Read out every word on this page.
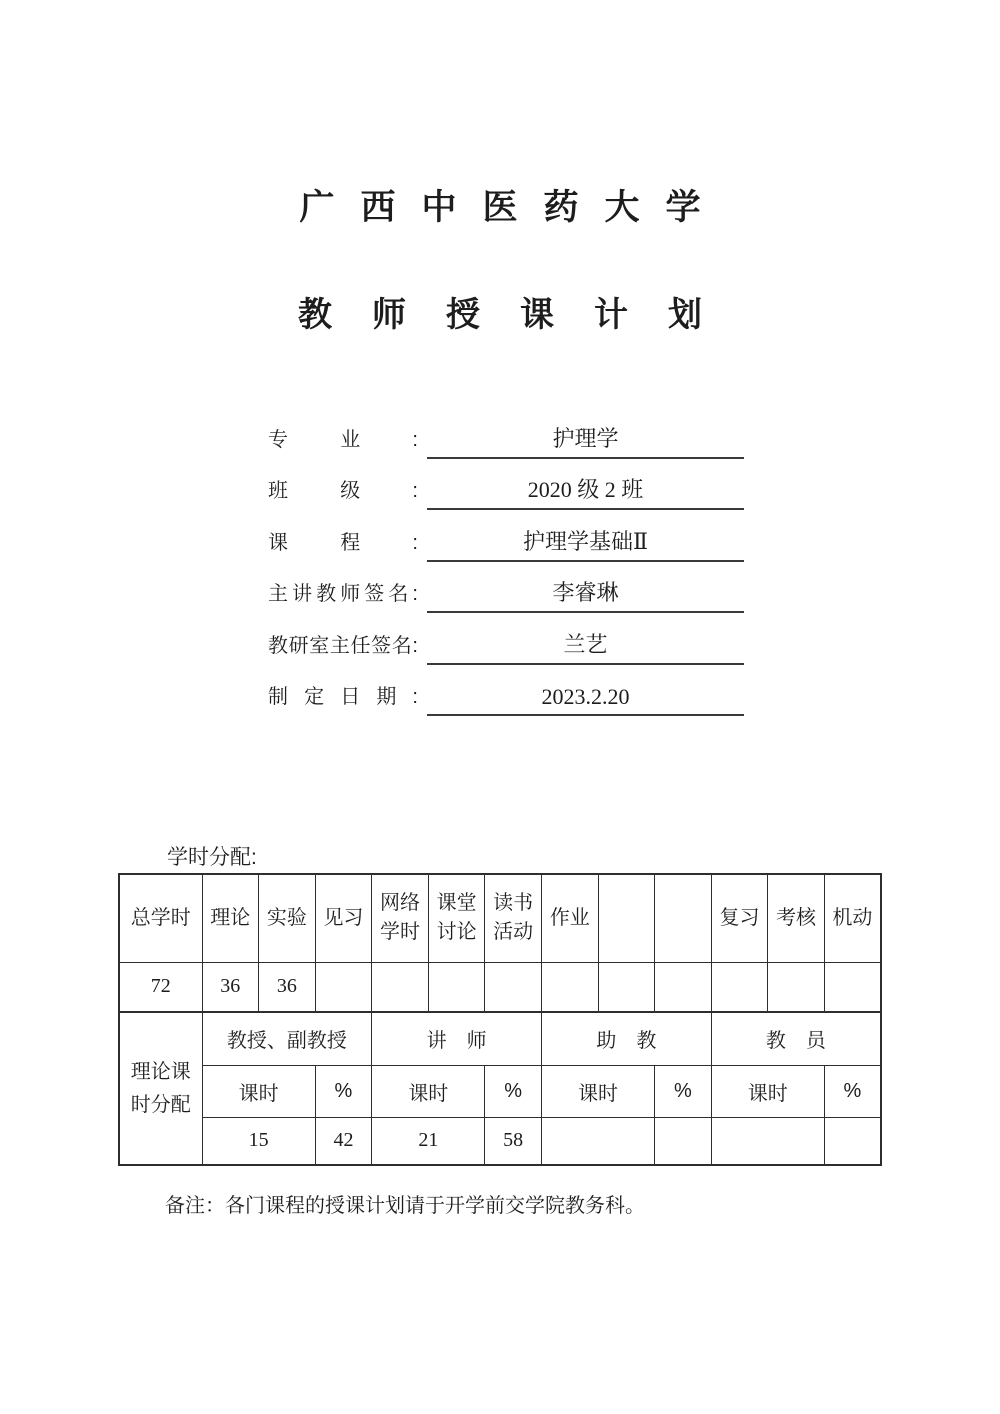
广西中医药大学
教师授课计划
专业:	护理学
班级:	2020 级 2 班
课程:	护理学基础Ⅱ
主讲教师签名:	李睿琳
教研室主任签名:	兰艺
制定日期:	2023.2.20
学时分配:
总学时	理论	实验	见习	网络学时	课堂讨论	读书活动	作业			复习	考核	机动
72	36	36										

理论课时分配	教授、副教授			讲　师			助　教			教　员		
	课时		%	课时		%	课时		%	课时		%
	15		42	21		58						
备注：各门课程的授课计划请于开学前交学院教务科。
